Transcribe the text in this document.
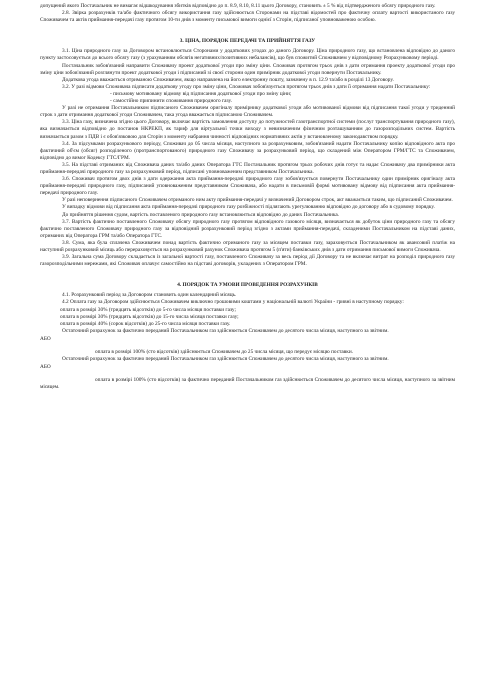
допущений якого Постачальник не вимагає відшкодування збитків відповідно до п. 8.9, 8.10, 8.11 цього Договору, становить ± 5 % від підтвердженого обсягу природного газу.

2.8. Звірка розрахунків та/або фактичного обсягу використання газу здійснюється Сторонами на підставі відомостей про фактичну оплату вартості використаного газу Споживачем та актів приймання-передачі газу протягом 10-ти днів з моменту письмової вимоги однієї з Сторін, підписаної уповноваженою особою.

3. ЦІНА, ПОРЯДОК ПЕРЕДАЧІ ТА ПРИЙНЯТТЯ ГАЗУ

3.1. Ціна природного газу за Договором встановлюється Сторонами у додаткових угодах до даного Договору. Ціна природного газу, що встановлена відповідно до даного пункту застосовується до всього обсягу газу (з урахуванням обсягів негативних/позитивних небалансів), що був спожитий Споживачем у відповідному Розрахунковому періоді.

Постачальник зобов'язаний направити Споживачу проект додаткової угоди про зміну ціни. Споживач протягом трьох днів з дати отримання проекту додаткової угоди про зміну ціни зобов'язаний розглянути проект додаткової угоди і підписаний зі своєї сторони один примірник додаткової угоди повернути Постачальнику.

Додаткова угода вважається отриманою Споживачем, якщо направлена на його електронну пошту, зазначену в п. 12.9 та/або в розділі 13 Договору.

3.2. У разі відмови Споживача підписати додаткову угоду про зміну ціни, Споживач зобов'язується протягом трьох днів з дати її отримання надати Постачальнику:

- письмову мотивовану відмову від підписання додаткової угоди про зміну ціни;

- самостійно припинити споживання природного газу.

У разі не отримання Постачальником підписаного Споживачем оригіналу примірнику додаткової угоди або мотивованої відмови від підписання такої угоди у триденний строк з дати отримання додаткової угоди Споживачем, така угода вважається підписаною Споживачем.

3.3. Ціна газу, визначена згідно цього Договору, включає вартість замовлення доступу до потужностей газотранспортної системи (послуг транспортування природного газу), яка визначається відповідно до постанов НКРЕКП, як тариф для віртуальної точки виходу з невизначеним фізичним розташуванням до газорозподільних систем. Вартість визначається разом з ПДВ і є обов'язковою для Сторін з моменту набрання чинності відповідних нормативних актів у встановленому законодавством порядку.

3.4. За підсумками розрахункового періоду, Споживач до 05 числа місяця, наступного за розрахунковим, зобов'язаний надати Постачальнику копію відповідного акта про фактичний об'єм (обсяг) розподіленого (протранспортованого) природного газу Споживачу за розрахунковий період, що складений між Оператором ГРМ/ГТС та Споживачем, відповідно до вимог Кодексу ГТС/ГРМ.

3.5. На підставі отриманих від Споживача даних та/або даних Оператора ГТС Постачальник протягом трьох робочих днів готує та надає Споживачу два примірники акта приймання-передачі природного газу за розрахунковий період, підписані уповноваженим представником Постачальника.

3.6. Споживач протягом двох днів з дати одержання акта приймання-передачі природного газу зобов'язується повернути Постачальнику один примірник оригіналу акта приймання-передачі природного газу, підписаний уповноваженим представником Споживача, або надати в письмовій формі мотивовану відмову від підписання акта приймання-передачі природного газу.

У разі неповернення підписаного Споживачем отриманого ним акту приймання-передачі у визначений Договором строк, акт вважається таким, що підписаний Споживачем.

У випадку відмови від підписання акта приймання-передачі природного газу розбіжності підлягають урегулюванню відповідно до договору або в судовому порядку.

До прийняття рішення судом, вартість поставленого природного газу встановлюється відповідно до даних Постачальника.

3.7. Вартість фактично поставленого Споживачу обсягу природного газу протягом відповідного газового місяця, визначається як добуток ціни природного газу та обсягу фактично поставленого Споживачу природного газу за відповідний розрахунковий період згідно з актами приймання-передачі, складеними Постачальником на підставі даних, отриманих від Оператора ГРМ та/або Оператора ГТС.

3.8. Сума, яка була сплачена Споживачем понад вартість фактично отриманого газу за місяцем поставки газу, зараховується Постачальником як авансовий платіж на наступний розрахунковий місяць або перераховується на розрахунковий рахунок Споживача протягом 5 (п'яти) банківських днів з дати отримання письмової вимоги Споживача.

3.9. Загальна сума Договору складається із загальної вартості газу, поставленого Споживачу за весь період дії Договору та не включає витрат на розподіл природного газу газорозподільними мережами, які Споживач оплачує самостійно на підставі договорів, укладених з Оператором ГРМ.

4. ПОРЯДОК ТА УМОВИ ПРОВЕДЕННЯ РОЗРАХУНКІВ

4.1. Розрахунковий період за Договором становить один календарний місяць.

4.2 Оплата газу за Договором здійснюється Споживачем виключно грошовими коштами у національній валюті України - гривні в наступному порядку:

оплата в розмірі 30% (тридцять відсотків) до 5-го числа місяця поставки газу;

оплата в розмірі 30% (тридцять відсотків) до 15-го числа місяця поставки газу;

оплата в розмірі 40% (сорок відсотків) до 25-го числа місяця поставки газу.

Остаточний розрахунок за фактично переданий Постачальником газ здійснюється Споживачем до десятого числа місяця, наступного за звітним.

АБО

оплата в розмірі 100% (сто відсотків) здійснюється Споживачем до 25 числа місяця, що передує місяцю поставки.

Остаточний розрахунок за фактично переданий Постачальником газ здійснюється Споживачем до десятого числа місяця, наступного за звітним.

АБО

оплата в розмірі 100% (сто відсотків) за фактично переданий Постачальником газ здійснюється Споживачем до десятого числа місяця, наступного за звітним місяцем.
